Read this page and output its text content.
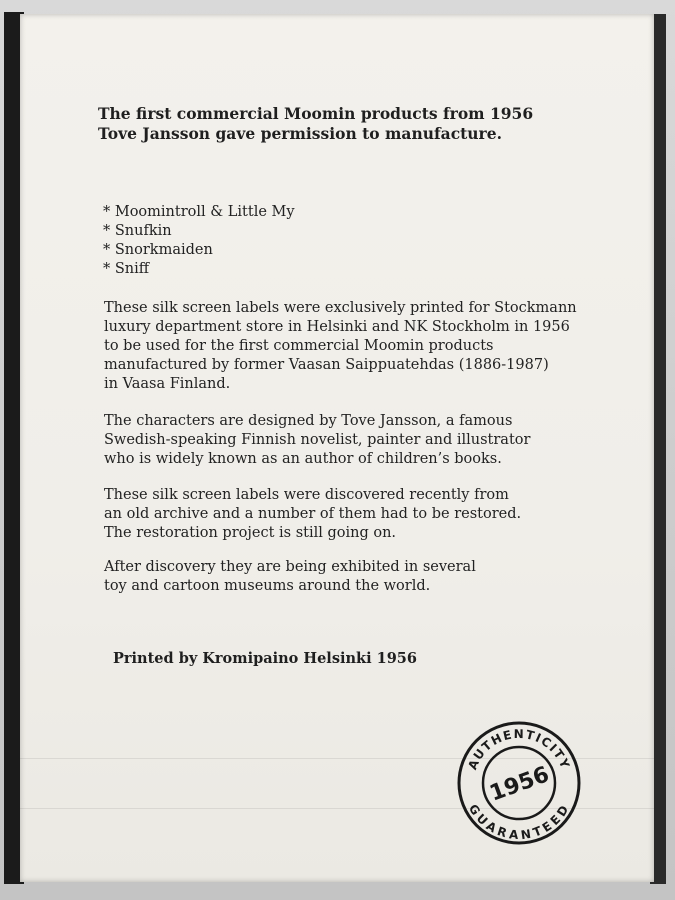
The first commercial Moomin products from 1956
Tove Jansson gave permission to manufacture.
* Moomintroll & Little My
* Snufkin
* Snorkmaiden
* Sniff
These silk screen labels were exclusively printed for Stockmann
luxury department store in Helsinki and NK Stockholm in 1956
to be used for the first commercial Moomin products
manufactured by former Vaasan Saippuatehdas (1886-1987)
in Vaasa Finland.
The characters are designed by Tove Jansson, a famous
Swedish-speaking Finnish novelist, painter and illustrator
who is widely known as an author of children’s books.
These silk screen labels were discovered recently from
an old archive and a number of them had to be restored.
The restoration project is still going on.
After discovery they are being exhibited in several
toy and cartoon museums around the world.
Printed by Kromipaino Helsinki 1956
AUTHENTICITY
GUARANTEED
1956
